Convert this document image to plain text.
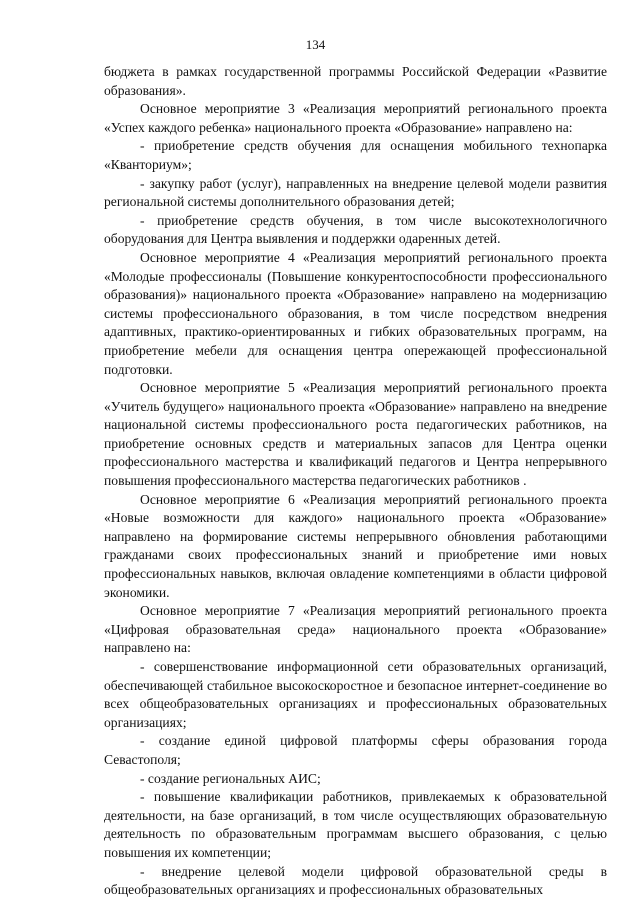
134

бюджета в рамках государственной программы Российской Федерации «Развитие образования».

Основное мероприятие 3 «Реализация мероприятий регионального проекта «Успех каждого ребенка» национального проекта «Образование» направлено на:

- приобретение средств обучения для оснащения мобильного технопарка «Кванториум»;

- закупку работ (услуг), направленных на внедрение целевой модели развития региональной системы дополнительного образования детей;

- приобретение средств обучения, в том числе высокотехнологичного оборудования для Центра выявления и поддержки одаренных детей.

Основное мероприятие 4 «Реализация мероприятий регионального проекта «Молодые профессионалы (Повышение конкурентоспособности профессионального образования)» национального проекта «Образование» направлено на модернизацию системы профессионального образования, в том числе посредством внедрения адаптивных, практико-ориентированных и гибких образовательных программ, на приобретение мебели для оснащения центра опережающей профессиональной подготовки.

Основное мероприятие 5 «Реализация мероприятий регионального проекта «Учитель будущего» национального проекта «Образование» направлено на внедрение национальной системы профессионального роста педагогических работников, на приобретение основных средств и материальных запасов для Центра оценки профессионального мастерства и квалификаций педагогов и Центра непрерывного повышения профессионального мастерства педагогических работников .

Основное мероприятие 6 «Реализация мероприятий регионального проекта «Новые возможности для каждого» национального проекта «Образование» направлено на формирование системы непрерывного обновления работающими гражданами своих профессиональных знаний и приобретение ими новых профессиональных навыков, включая овладение компетенциями в области цифровой экономики.

Основное мероприятие 7 «Реализация мероприятий регионального проекта «Цифровая образовательная среда» национального проекта «Образование» направлено на:

- совершенствование информационной сети образовательных организаций, обеспечивающей стабильное высокоскоростное и безопасное интернет-соединение во всех общеобразовательных организациях и профессиональных образовательных организациях;

- создание единой цифровой платформы сферы образования города Севастополя;

- создание региональных АИС;

- повышение квалификации работников, привлекаемых к образовательной деятельности, на базе организаций, в том числе осуществляющих образовательную деятельность по образовательным программам высшего образования, с целью повышения их компетенции;

- внедрение целевой модели цифровой образовательной среды в общеобразовательных организациях и профессиональных образовательных
